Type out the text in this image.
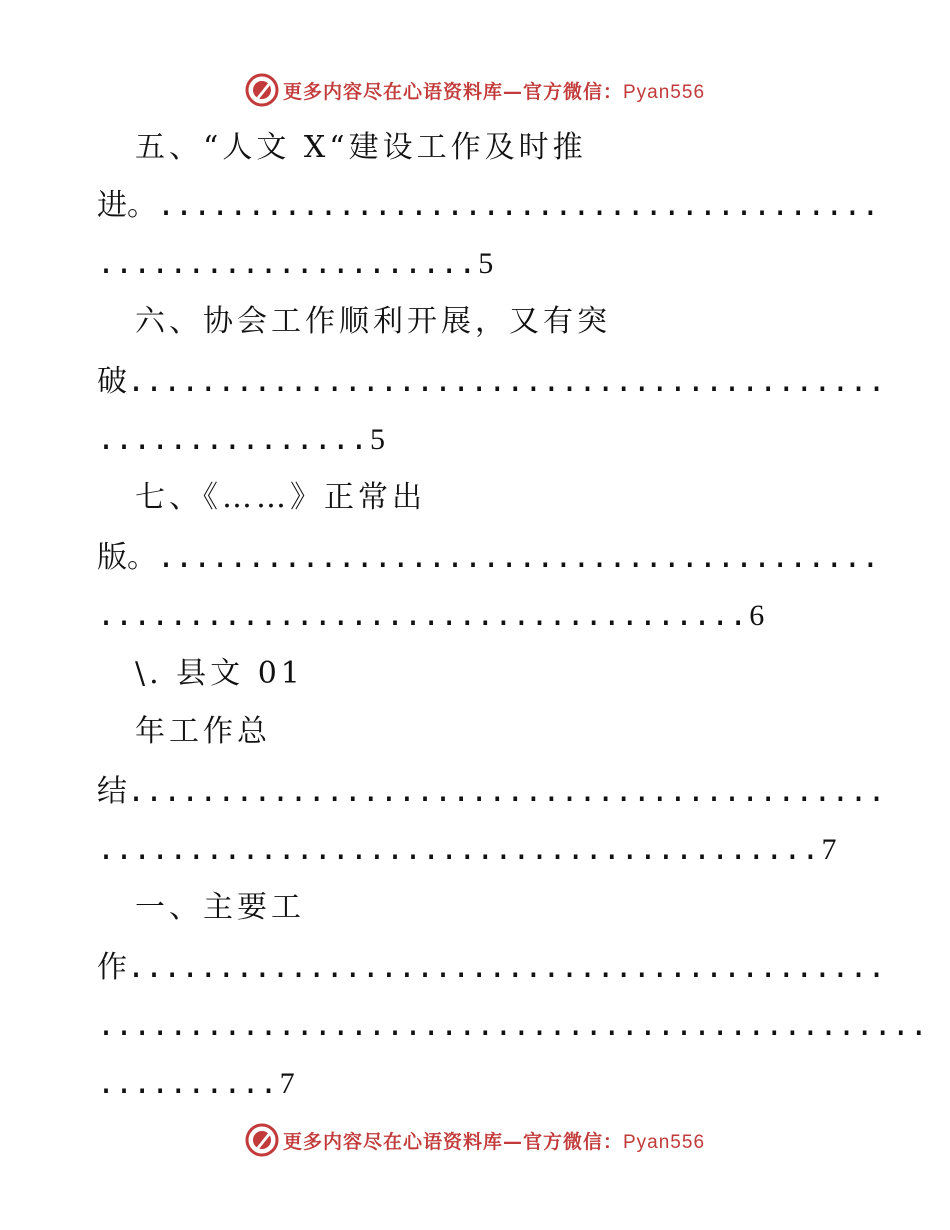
更多内容尽在心语资料库—官方微信：Pyan556
五、“人文 X“建设工作及时推
进。........................................
.....................5
六、协会工作顺利开展，又有突
破..........................................
...............5
七、《……》正常出
版。........................................
....................................6
\. 县文 01
年工作总
结..........................................
........................................7
一、主要工
作..........................................
..............................................
..........7
更多内容尽在心语资料库—官方微信：Pyan556
